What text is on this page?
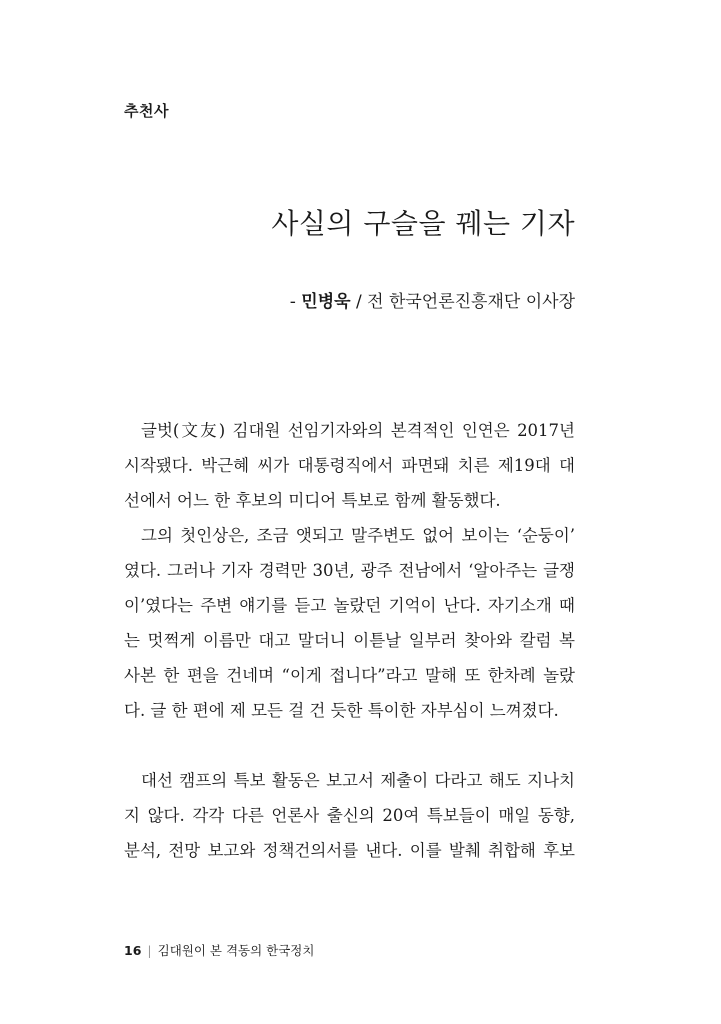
추천사
사실의 구슬을 꿰는 기자
- 민병욱 / 전 한국언론진흥재단 이사장

글벗(文友) 김대원 선임기자와의 본격적인 인연은 2017년
시작됐다. 박근혜 씨가 대통령직에서 파면돼 치른 제19대 대
선에서 어느 한 후보의 미디어 특보로 함께 활동했다.

그의 첫인상은, 조금 앳되고 말주변도 없어 보이는 ‘순둥이’
였다. 그러나 기자 경력만 30년, 광주 전남에서 ‘알아주는 글쟁
이’였다는 주변 얘기를 듣고 놀랐던 기억이 난다. 자기소개 때
는 멋쩍게 이름만 대고 말더니 이튿날 일부러 찾아와 칼럼 복
사본 한 편을 건네며 “이게 접니다”라고 말해 또 한차례 놀랐
다. 글 한 편에 제 모든 걸 건 듯한 특이한 자부심이 느껴졌다.

대선 캠프의 특보 활동은 보고서 제출이 다라고 해도 지나치
지 않다. 각각 다른 언론사 출신의 20여 특보들이 매일 동향,
분석, 전망 보고와 정책건의서를 낸다. 이를 발췌 취합해 후보

16 | 김대원이 본 격동의 한국정치
